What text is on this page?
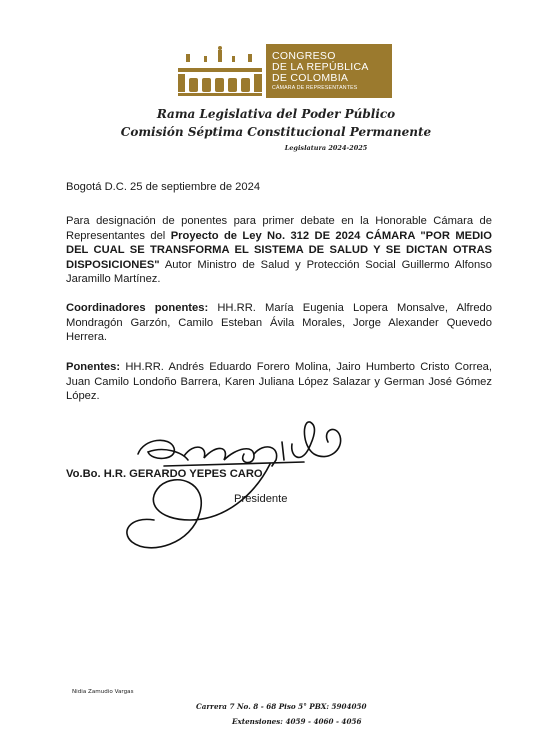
CONGRESO
DE LA REPÚBLICA
DE COLOMBIA
CÁMARA DE REPRESENTANTES
Rama Legislativa del Poder Público
Comisión Séptima Constitucional Permanente
Legislatura 2024-2025
Bogotá D.C. 25 de septiembre de 2024
Para designación de ponentes para primer debate en la Honorable Cámara de Representantes del Proyecto de Ley No. 312 DE 2024 CÁMARA "POR MEDIO DEL CUAL SE TRANSFORMA EL SISTEMA DE SALUD Y SE DICTAN OTRAS DISPOSICIONES" Autor Ministro de Salud y Protección Social Guillermo Alfonso Jaramillo Martínez.
Coordinadores ponentes: HH.RR. María Eugenia Lopera Monsalve, Alfredo Mondragón Garzón, Camilo Esteban Ávila Morales, Jorge Alexander Quevedo Herrera.
Ponentes: HH.RR. Andrés Eduardo Forero Molina, Jairo Humberto Cristo Correa, Juan Camilo Londoño Barrera, Karen Juliana López Salazar y German José Gómez López.
Vo.Bo. H.R. GERARDO YEPES CARO
Presidente
Nidia Zamudio Vargas
Carrera 7 No. 8 - 68 Piso 5° PBX: 5904050
Extensiones: 4059 - 4060 - 4056
